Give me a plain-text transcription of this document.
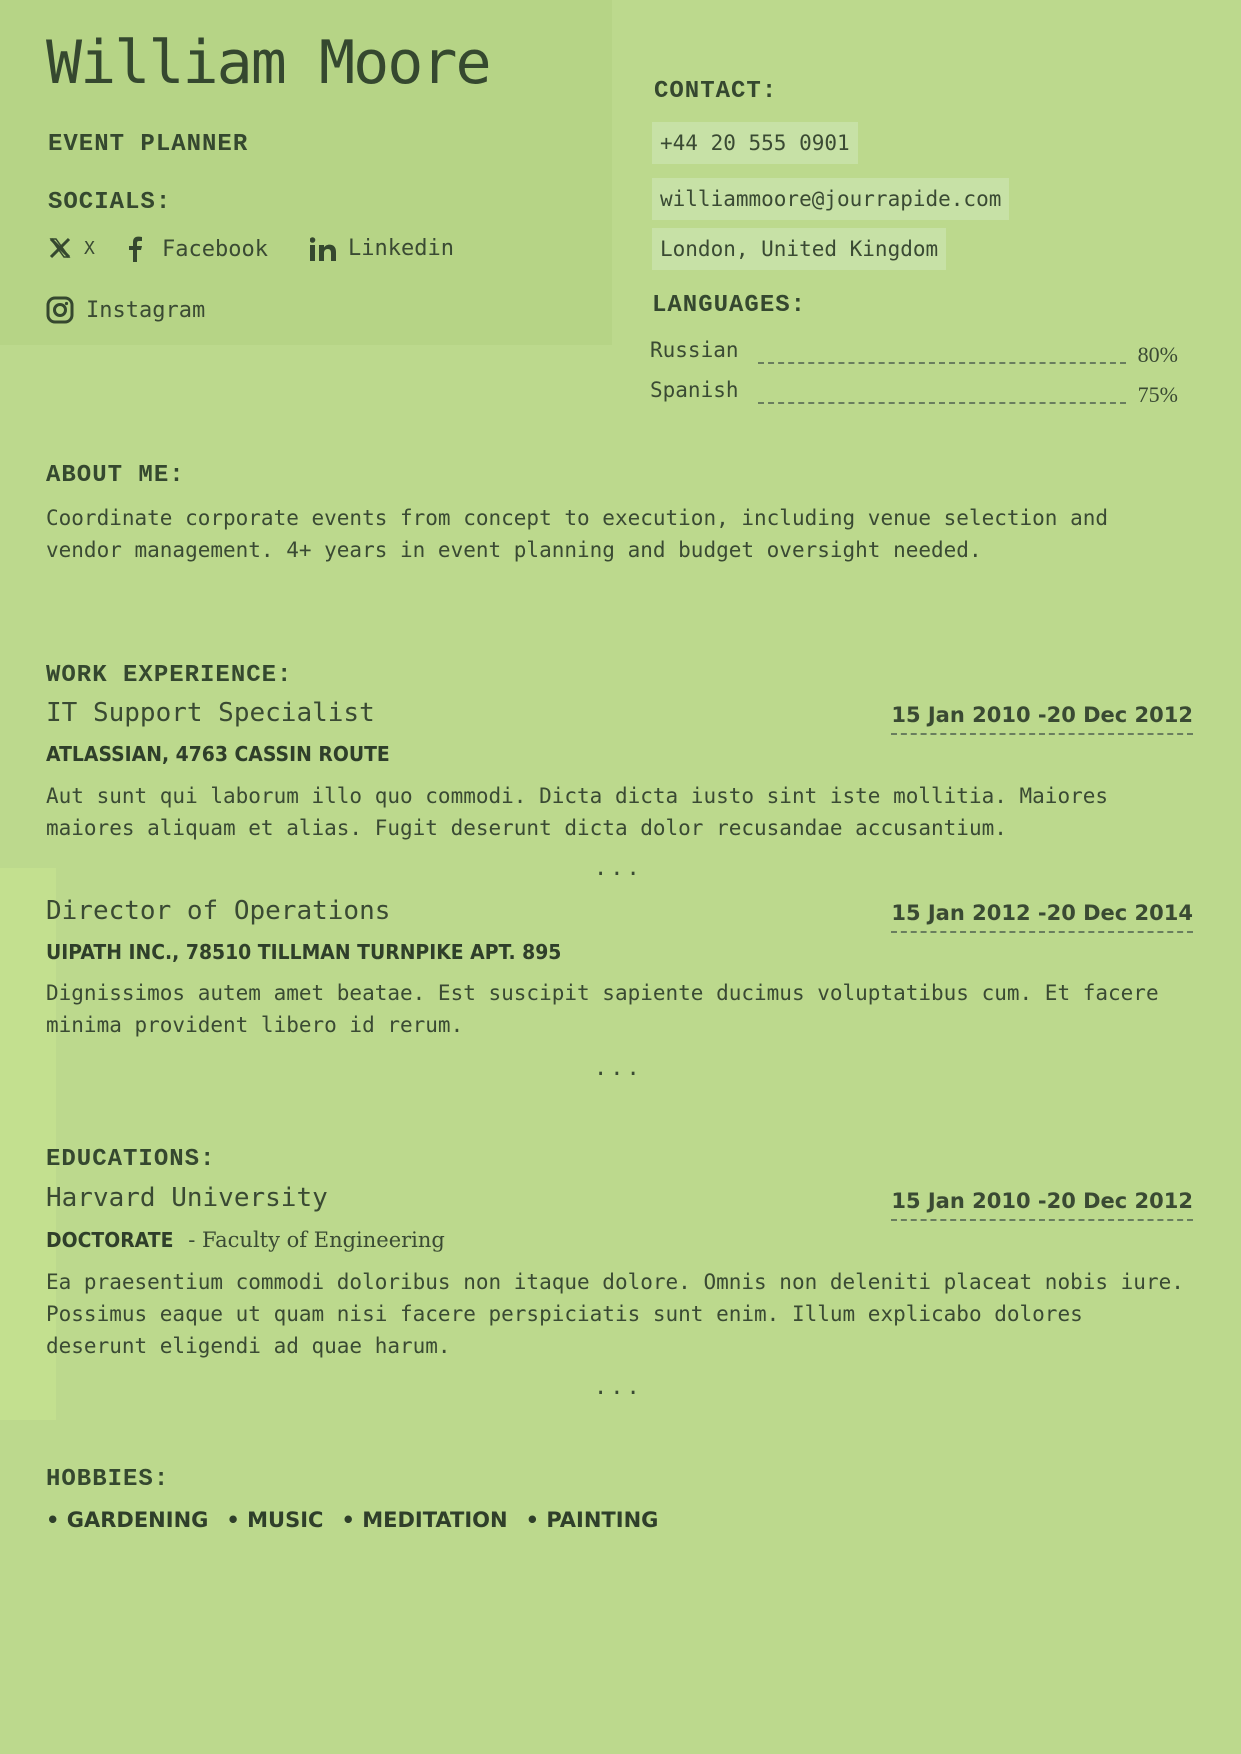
William Moore
EVENT PLANNER
SOCIALS:
X	Facebook	Linkedin
Instagram
CONTACT:
+44 20 555 0901
williammoore@jourrapide.com
London, United Kingdom
LANGUAGES:
Russian	80%
Spanish	75%
ABOUT ME:

Coordinate corporate events from concept to execution, including venue selection and vendor management. 4+ years in event planning and budget oversight needed.

WORK EXPERIENCE:
IT Support Specialist	15 Jan 2010 -20 Dec 2012
ATLASSIAN, 4763 CASSIN ROUTE

Aut sunt qui laborum illo quo commodi. Dicta dicta iusto sint iste mollitia. Maiores maiores aliquam et alias. Fugit deserunt dicta dolor recusandae accusantium.

...
Director of Operations	15 Jan 2012 -20 Dec 2014
UIPATH INC., 78510 TILLMAN TURNPIKE APT. 895

Dignissimos autem amet beatae. Est suscipit sapiente ducimus voluptatibus cum. Et facere minima provident libero id rerum.

...
EDUCATIONS:
Harvard University	15 Jan 2010 -20 Dec 2012
DOCTORATE - Faculty of Engineering

Ea praesentium commodi doloribus non itaque dolore. Omnis non deleniti placeat nobis iure. Possimus eaque ut quam nisi facere perspiciatis sunt enim. Illum explicabo dolores deserunt eligendi ad quae harum.

...
HOBBIES:
• GARDENING • MUSIC • MEDITATION • PAINTING
